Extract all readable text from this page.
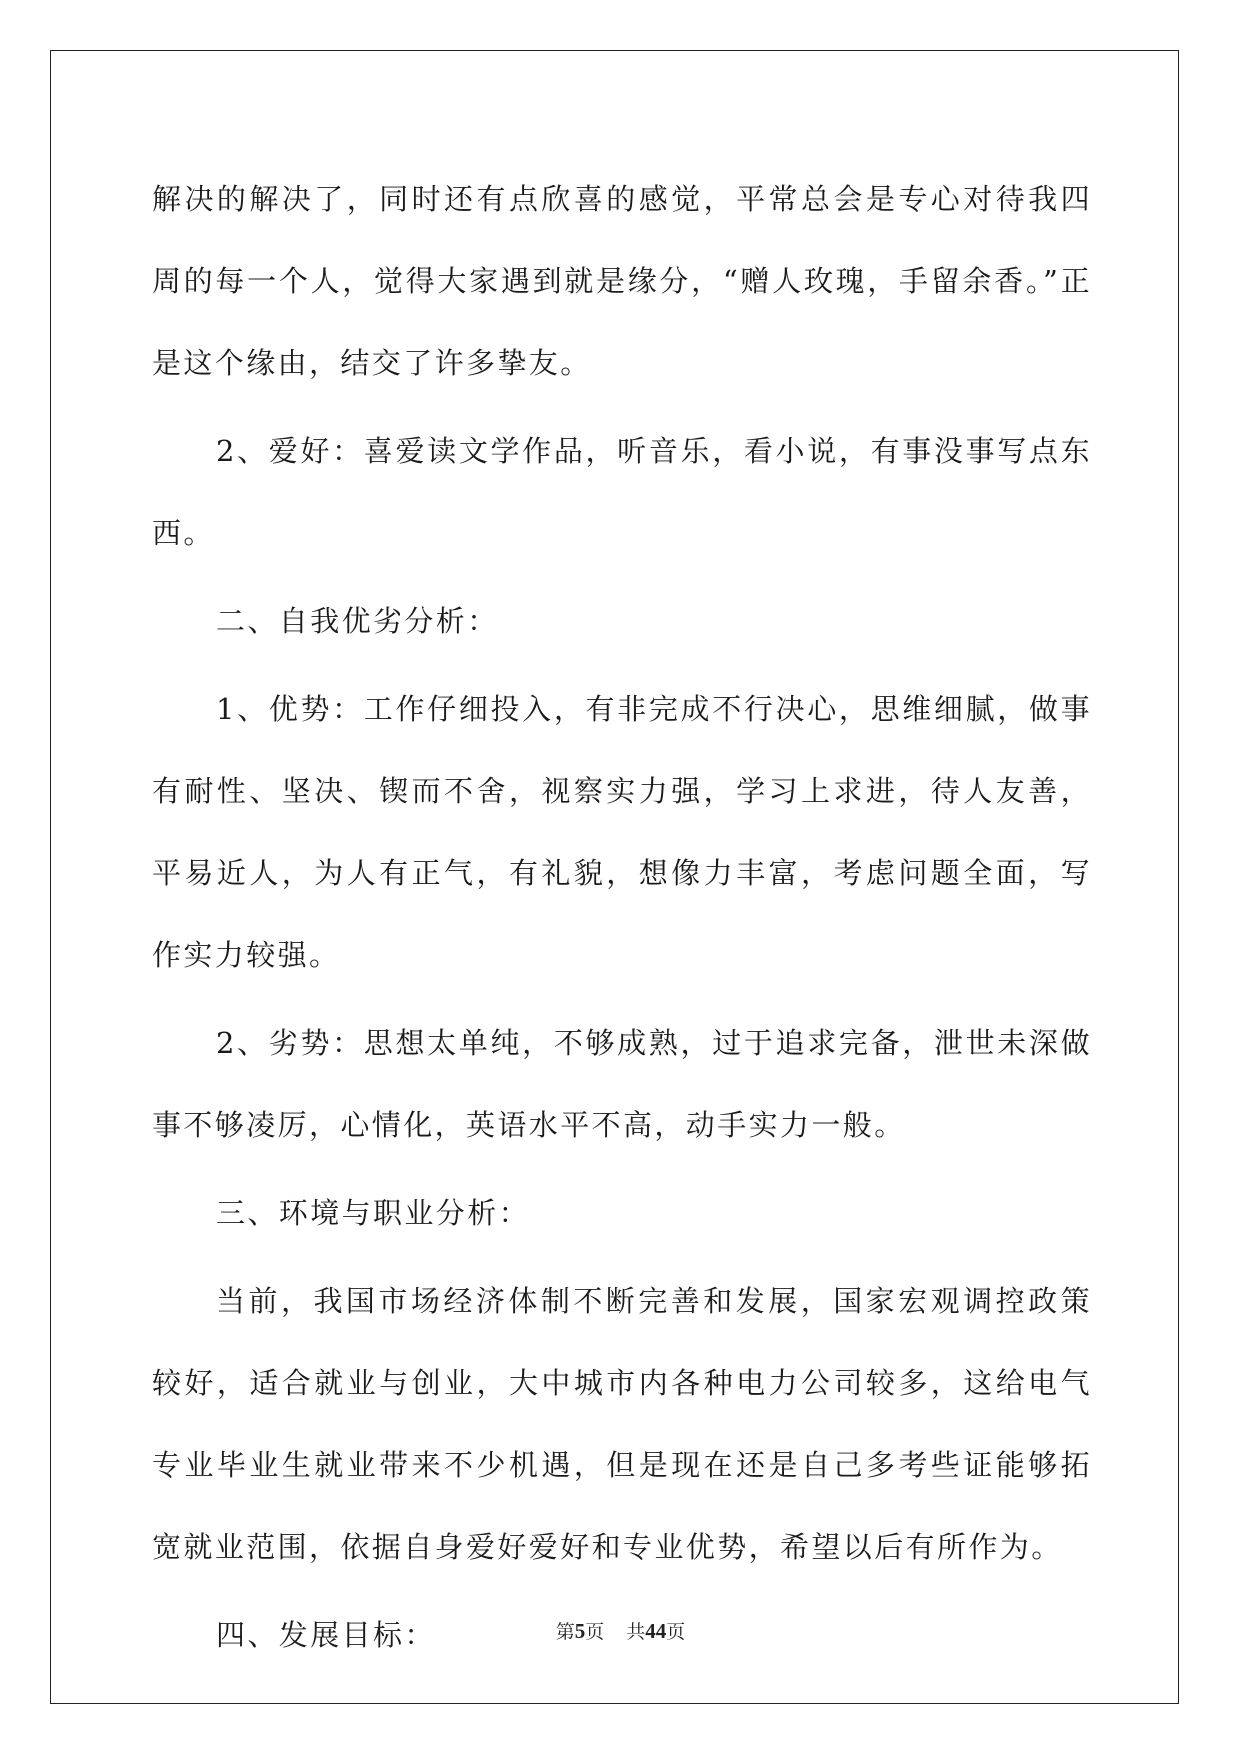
解决的解决了，同时还有点欣喜的感觉，平常总会是专心对待我四周的每一个人，觉得大家遇到就是缘分，“赠人玫瑰，手留余香。”正是这个缘由，结交了许多挚友。

2、爱好：喜爱读文学作品，听音乐，看小说，有事没事写点东西。

二、自我优劣分析：

1、优势：工作仔细投入，有非完成不行决心，思维细腻，做事有耐性、坚决、锲而不舍，视察实力强，学习上求进，待人友善，平易近人，为人有正气，有礼貌，想像力丰富，考虑问题全面，写作实力较强。

2、劣势：思想太单纯，不够成熟，过于追求完备，泄世未深做事不够凌厉，心情化，英语水平不高，动手实力一般。

三、环境与职业分析：

当前，我国市场经济体制不断完善和发展，国家宏观调控政策较好，适合就业与创业，大中城市内各种电力公司较多，这给电气专业毕业生就业带来不少机遇，但是现在还是自己多考些证能够拓宽就业范围，依据自身爱好爱好和专业优势，希望以后有所作为。

四、发展目标：	第5页 共44页
